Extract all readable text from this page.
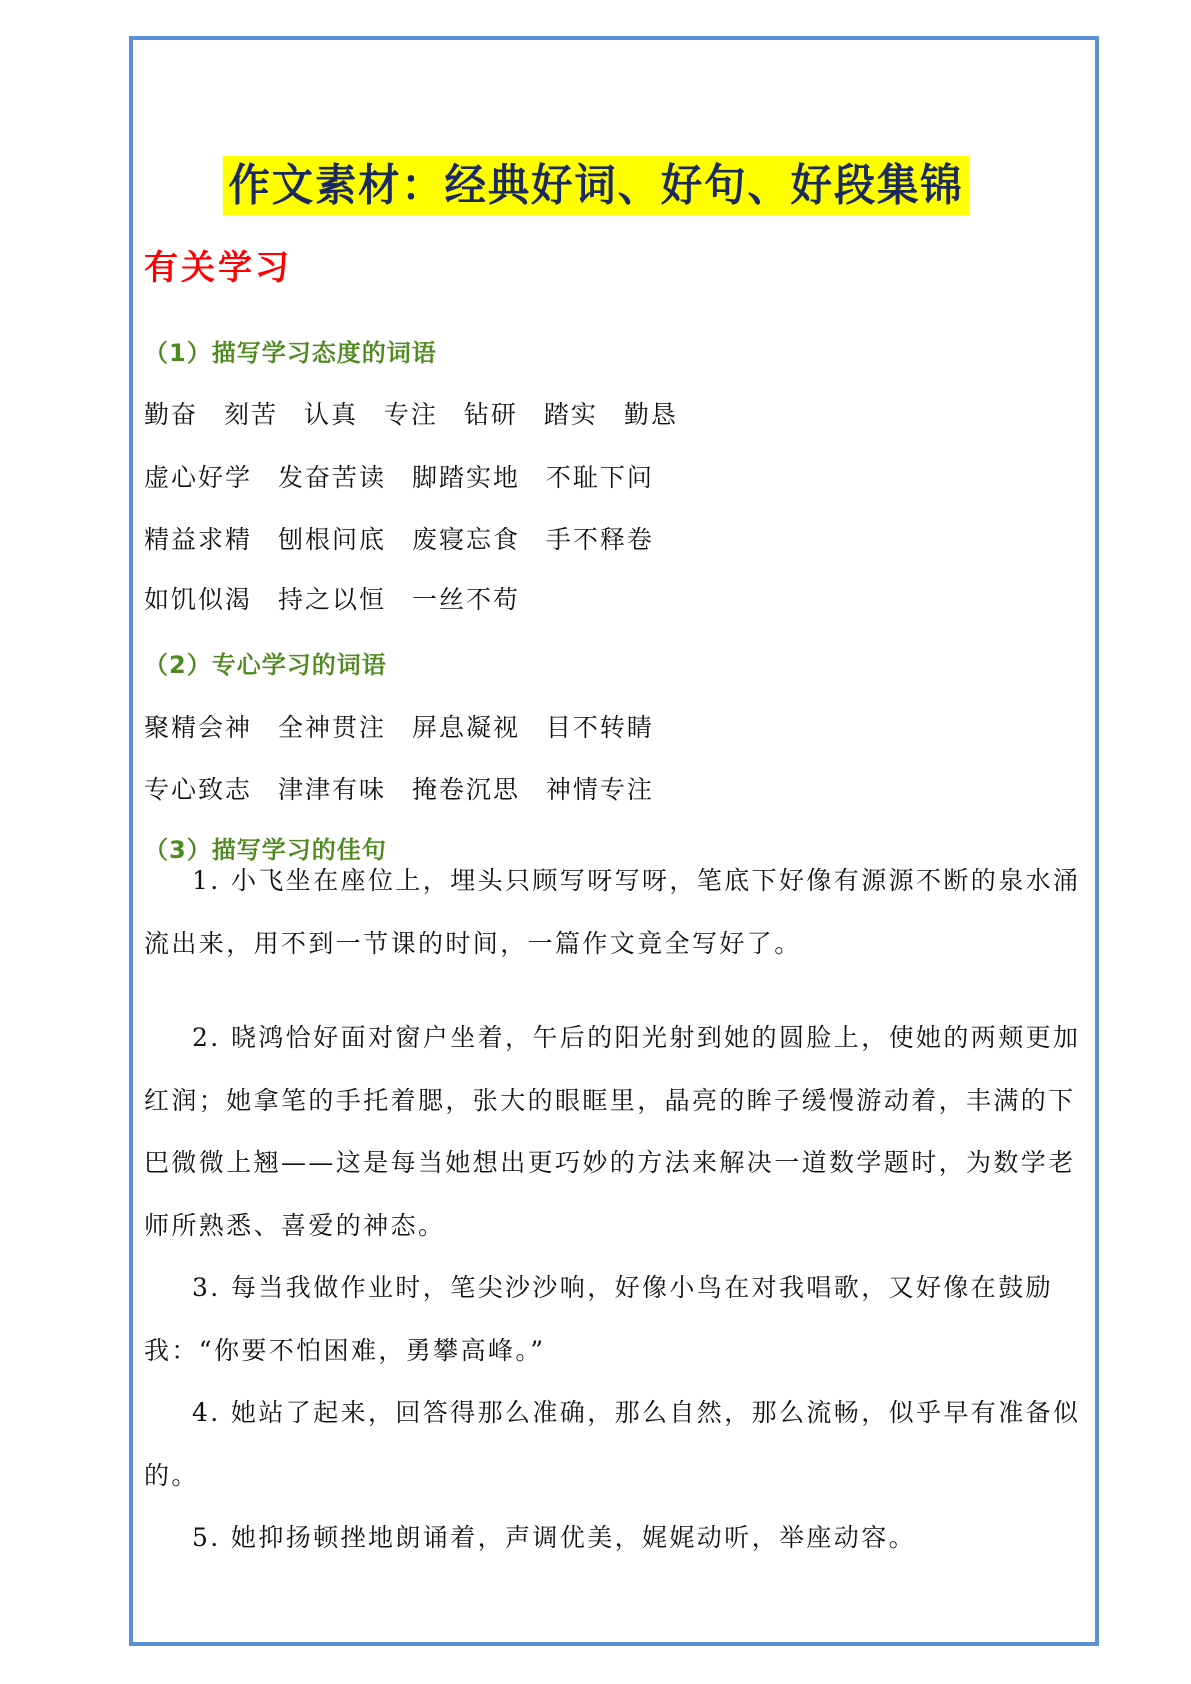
作文素材：经典好词、好句、好段集锦
有关学习
（1）描写学习态度的词语
勤奋 刻苦 认真 专注 钻研 踏实 勤恳
虚心好学 发奋苦读 脚踏实地 不耻下问
精益求精 刨根问底 废寝忘食 手不释卷
如饥似渴 持之以恒 一丝不苟
（2）专心学习的词语
聚精会神 全神贯注 屏息凝视 目不转睛
专心致志 津津有味 掩卷沉思 神情专注
（3）描写学习的佳句

1. 小飞坐在座位上，埋头只顾写呀写呀，笔底下好像有源源不断的泉水涌流出来，用不到一节课的时间，一篇作文竟全写好了。

2. 晓鸿恰好面对窗户坐着，午后的阳光射到她的圆脸上，使她的两颊更加红润；她拿笔的手托着腮，张大的眼眶里，晶亮的眸子缓慢游动着，丰满的下巴微微上翘——这是每当她想出更巧妙的方法来解决一道数学题时，为数学老师所熟悉、喜爱的神态。

3. 每当我做作业时，笔尖沙沙响，好像小鸟在对我唱歌，又好像在鼓励我：“你要不怕困难，勇攀高峰。”

4. 她站了起来，回答得那么准确，那么自然，那么流畅，似乎早有准备似的。

5. 她抑扬顿挫地朗诵着，声调优美，娓娓动听，举座动容。
